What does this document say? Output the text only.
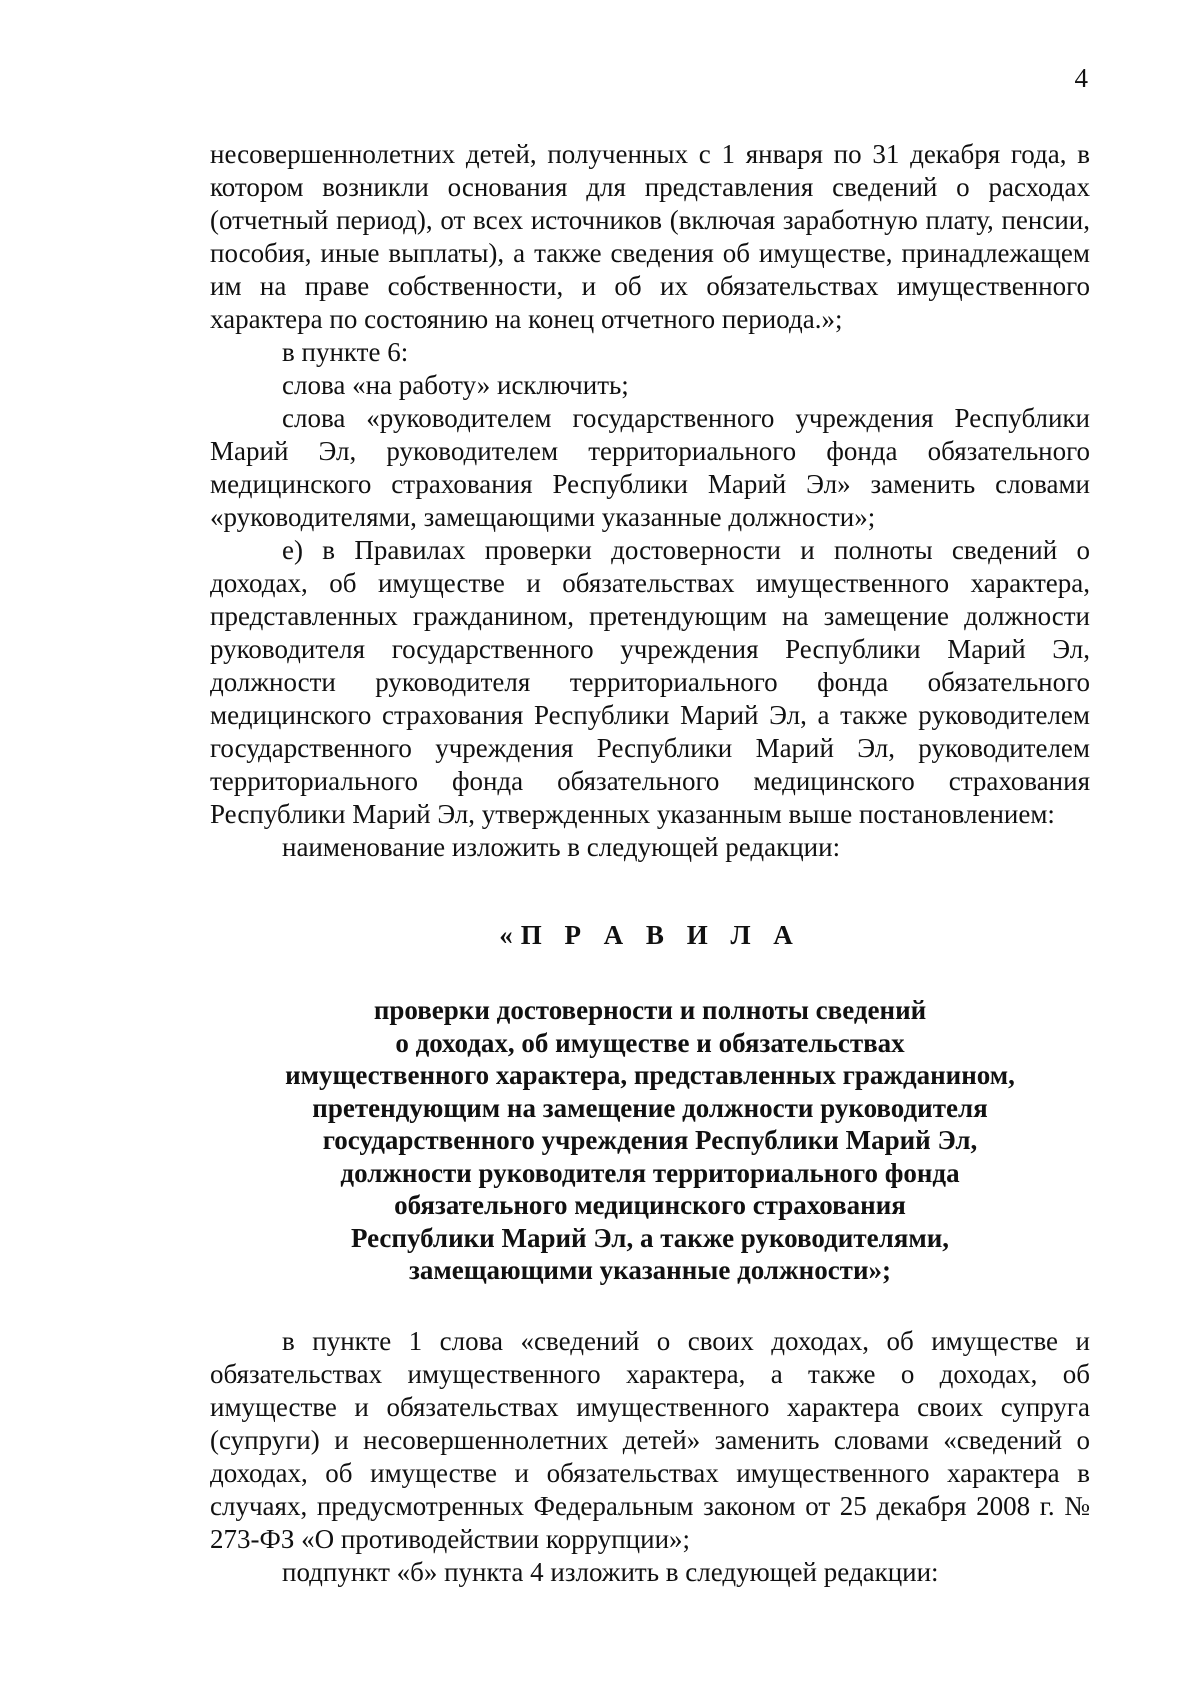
4

несовершеннолетних детей, полученных с 1 января по 31 декабря года, в котором возникли основания для представления сведений о расходах (отчетный период), от всех источников (включая заработную плату, пенсии, пособия, иные выплаты), а также сведения об имуществе, принадлежащем им на праве собственности, и об их обязательствах имущественного характера по состоянию на конец отчетного периода.»;

в пункте 6:

слова «на работу» исключить;

слова «руководителем государственного учреждения Республики Марий Эл, руководителем территориального фонда обязательного медицинского страхования Республики Марий Эл» заменить словами «руководителями, замещающими указанные должности»;

е) в Правилах проверки достоверности и полноты сведений о доходах, об имуществе и обязательствах имущественного характера, представленных гражданином, претендующим на замещение должности руководителя государственного учреждения Республики Марий Эл, должности руководителя территориального фонда обязательного медицинского страхования Республики Марий Эл, а также руководителем государственного учреждения Республики Марий Эл, руководителем территориального фонда обязательного медицинского страхования Республики Марий Эл, утвержденных указанным выше постановлением:

наименование изложить в следующей редакции:

«П Р А В И Л А
проверки достоверности и полноты сведений
о доходах, об имуществе и обязательствах
имущественного характера, представленных гражданином,
претендующим на замещение должности руководителя
государственного учреждения Республики Марий Эл,
должности руководителя территориального фонда
обязательного медицинского страхования
Республики Марий Эл, а также руководителями,
замещающими указанные должности»;

в пункте 1 слова «сведений о своих доходах, об имуществе и обязательствах имущественного характера, а также о доходах, об имуществе и обязательствах имущественного характера своих супруга (супруги) и несовершеннолетних детей» заменить словами «сведений о доходах, об имуществе и обязательствах имущественного характера в случаях, предусмотренных Федеральным законом от 25 декабря 2008 г. № 273-ФЗ «О противодействии коррупции»;

подпункт «б» пункта 4 изложить в следующей редакции:
